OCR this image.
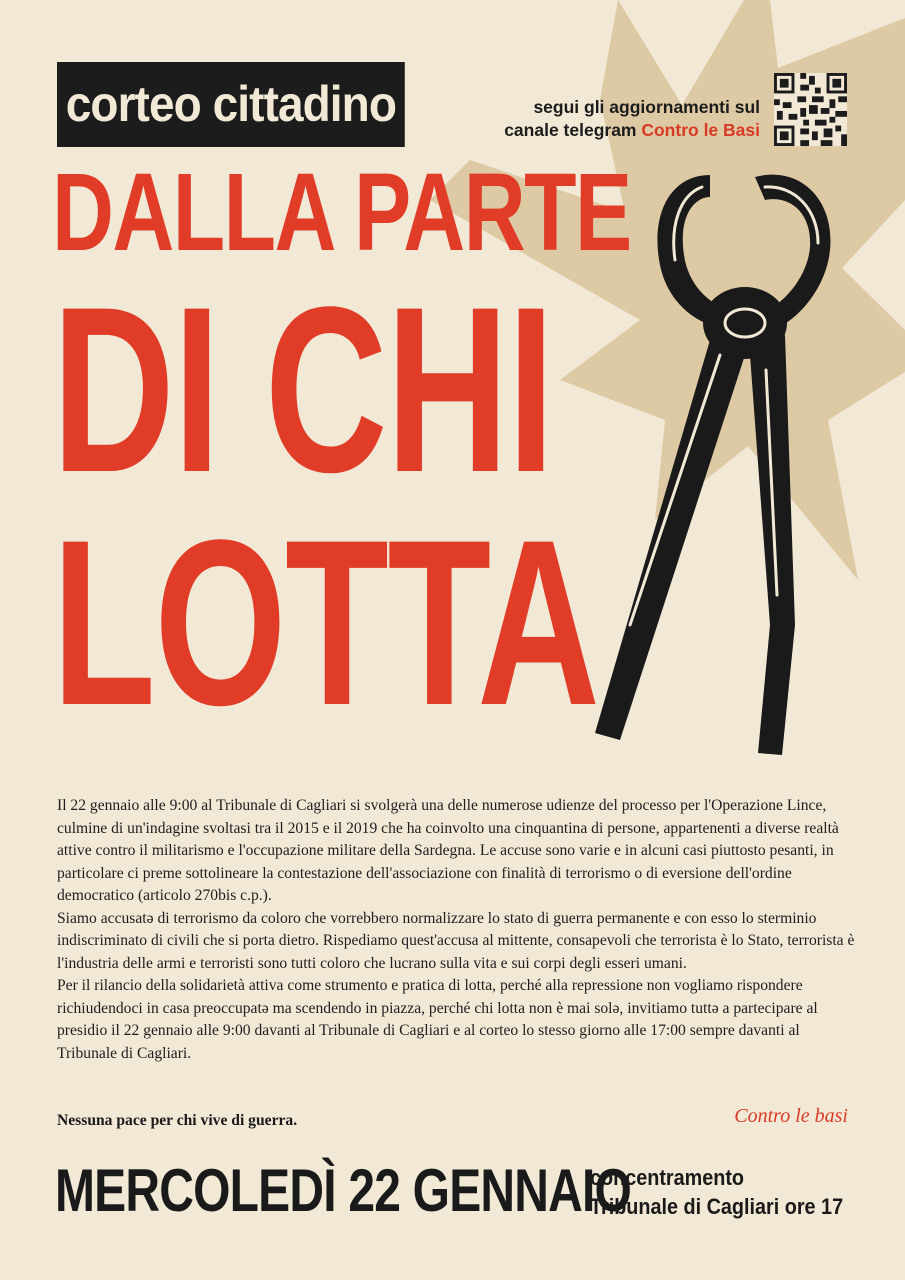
corteo cittadino	segui gli aggiornamenti sul
canale telegram Contro le Basi
DALLA PARTE
DI CHI
LOTTA

Il 22 gennaio alle 9:00 al Tribunale di Cagliari si svolgerà una delle numerose udienze del processo per l'Operazione Lince, culmine di un'indagine svoltasi tra il 2015 e il 2019 che ha coinvolto una cinquantina di persone, appartenenti a diverse realtà attive contro il militarismo e l'occupazione militare della Sardegna. Le accuse sono varie e in alcuni casi piuttosto pesanti, in particolare ci preme sottolineare la contestazione dell'associazione con finalità di terrorismo o di eversione dell'ordine democratico (articolo 270bis c.p.).

Siamo accusatə di terrorismo da coloro che vorrebbero normalizzare lo stato di guerra permanente e con esso lo sterminio indiscriminato di civili che si porta dietro. Rispediamo quest'accusa al mittente, consapevoli che terrorista è lo Stato, terrorista è l'industria delle armi e terroristi sono tutti coloro che lucrano sulla vita e sui corpi degli esseri umani.

Per il rilancio della solidarietà attiva come strumento e pratica di lotta, perché alla repressione non vogliamo rispondere richiudendoci in casa preoccupatə ma scendendo in piazza, perché chi lotta non è mai solə, invitiamo tuttə a partecipare al presidio il 22 gennaio alle 9:00 davanti al Tribunale di Cagliari e al corteo lo stesso giorno alle 17:00 sempre davanti al Tribunale di Cagliari.

Nessuna pace per chi vive di guerra.	Contro le basi
MERCOLEDÌ 22 GENNAIO
concentramento
Tribunale di Cagliari ore 17
